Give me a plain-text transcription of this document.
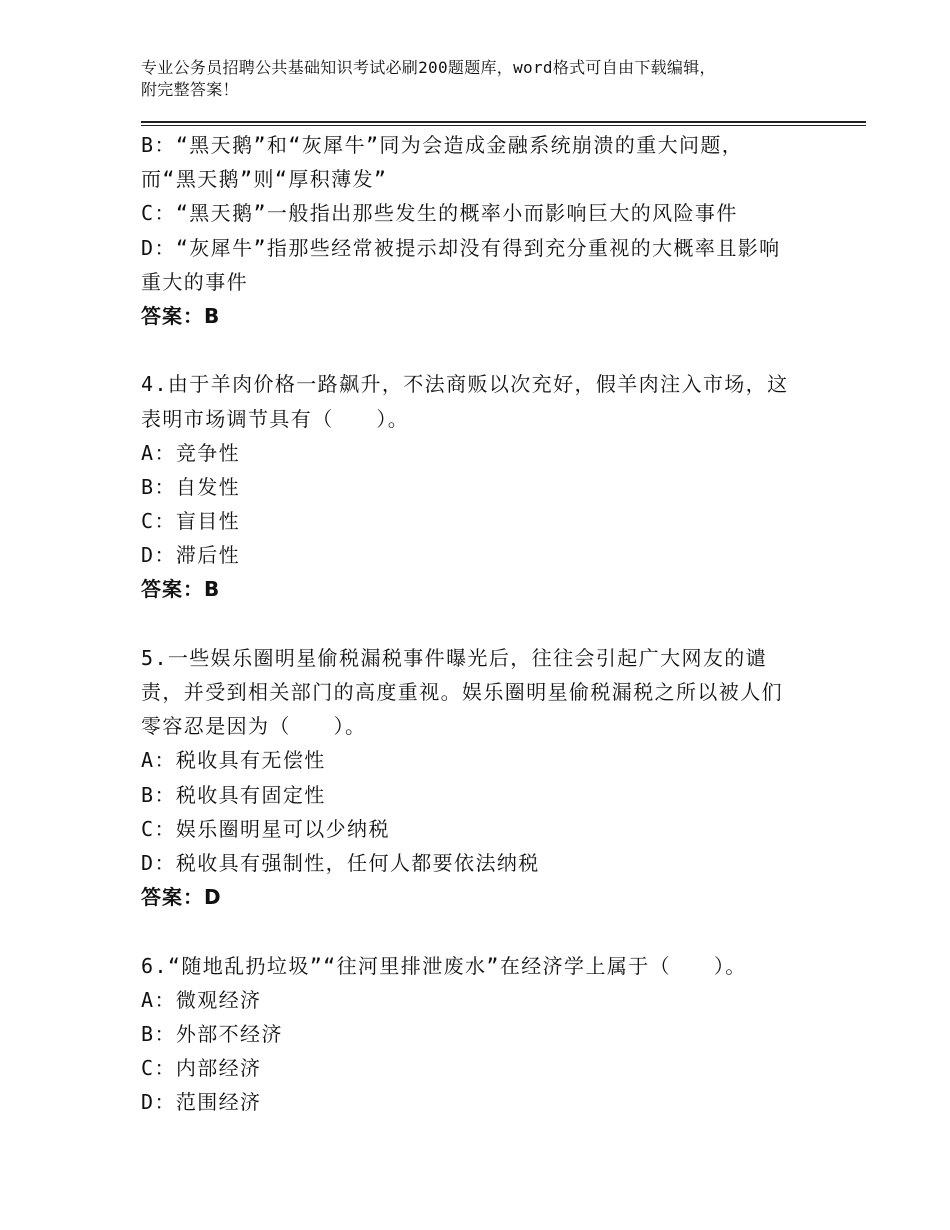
专业公务员招聘公共基础知识考试必刷200题题库，word格式可自由下载编辑，
附完整答案！
B：“黑天鹅”和“灰犀牛”同为会造成金融系统崩溃的重大问题，
而“黑天鹅”则“厚积薄发”
C：“黑天鹅”一般指出那些发生的概率小而影响巨大的风险事件
D：“灰犀牛”指那些经常被提示却没有得到充分重视的大概率且影响
重大的事件
答案：B
4.由于羊肉价格一路飙升，不法商贩以次充好，假羊肉注入市场，这
表明市场调节具有（　　）。
A：竞争性
B：自发性
C：盲目性
D：滞后性
答案：B
5.一些娱乐圈明星偷税漏税事件曝光后，往往会引起广大网友的谴
责，并受到相关部门的高度重视。娱乐圈明星偷税漏税之所以被人们
零容忍是因为（　　）。
A：税收具有无偿性
B：税收具有固定性
C：娱乐圈明星可以少纳税
D：税收具有强制性，任何人都要依法纳税
答案：D
6.“随地乱扔垃圾”“往河里排泄废水”在经济学上属于（　　）。
A：微观经济
B：外部不经济
C：内部经济
D：范围经济
